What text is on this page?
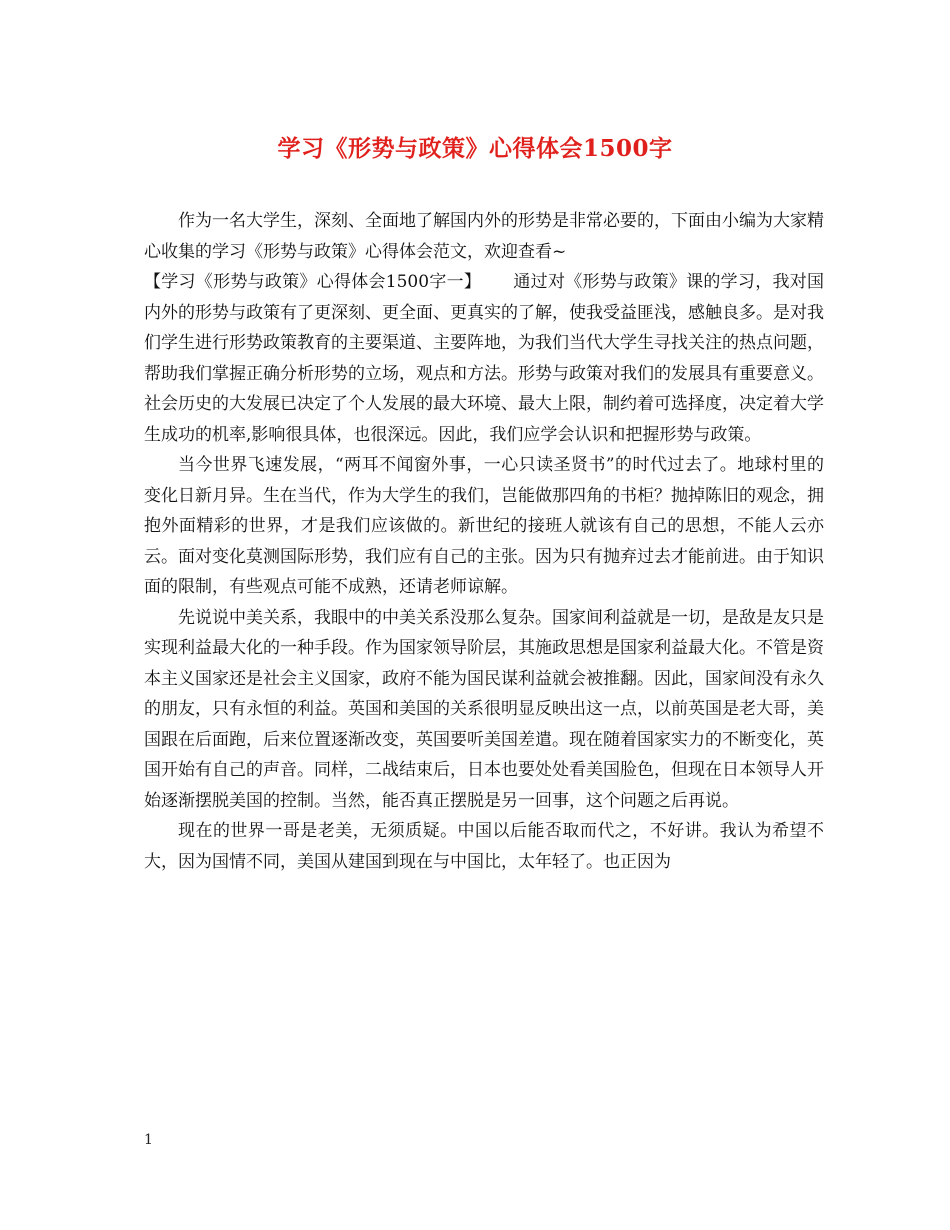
学习《形势与政策》心得体会1500字

作为一名大学生，深刻、全面地了解国内外的形势是非常必要的，下面由小编为大家精心收集的学习《形势与政策》心得体会范文，欢迎查看~

【学习《形势与政策》心得体会1500字一】 通过对《形势与政策》课的学习，我对国内外的形势与政策有了更深刻、更全面、更真实的了解，使我受益匪浅，感触良多。是对我们学生进行形势政策教育的主要渠道、主要阵地，为我们当代大学生寻找关注的热点问题，帮助我们掌握正确分析形势的立场，观点和方法。形势与政策对我们的发展具有重要意义。社会历史的大发展已决定了个人发展的最大环境、最大上限，制约着可选择度，决定着大学生成功的机率,影响很具体，也很深远。因此，我们应学会认识和把握形势与政策。

当今世界飞速发展，“两耳不闻窗外事，一心只读圣贤书”的时代过去了。地球村里的变化日新月异。生在当代，作为大学生的我们，岂能做那四角的书柜？抛掉陈旧的观念，拥抱外面精彩的世界，才是我们应该做的。新世纪的接班人就该有自己的思想，不能人云亦云。面对变化莫测国际形势，我们应有自己的主张。因为只有抛弃过去才能前进。由于知识面的限制，有些观点可能不成熟，还请老师谅解。

先说说中美关系，我眼中的中美关系没那么复杂。国家间利益就是一切，是敌是友只是实现利益最大化的一种手段。作为国家领导阶层，其施政思想是国家利益最大化。不管是资本主义国家还是社会主义国家，政府不能为国民谋利益就会被推翻。因此，国家间没有永久的朋友，只有永恒的利益。英国和美国的关系很明显反映出这一点，以前英国是老大哥，美国跟在后面跑，后来位置逐渐改变，英国要听美国差遣。现在随着国家实力的不断变化，英国开始有自己的声音。同样，二战结束后，日本也要处处看美国脸色，但现在日本领导人开始逐渐摆脱美国的控制。当然，能否真正摆脱是另一回事，这个问题之后再说。

现在的世界一哥是老美，无须质疑。中国以后能否取而代之，不好讲。我认为希望不大，因为国情不同，美国从建国到现在与中国比，太年轻了。也正因为

1
